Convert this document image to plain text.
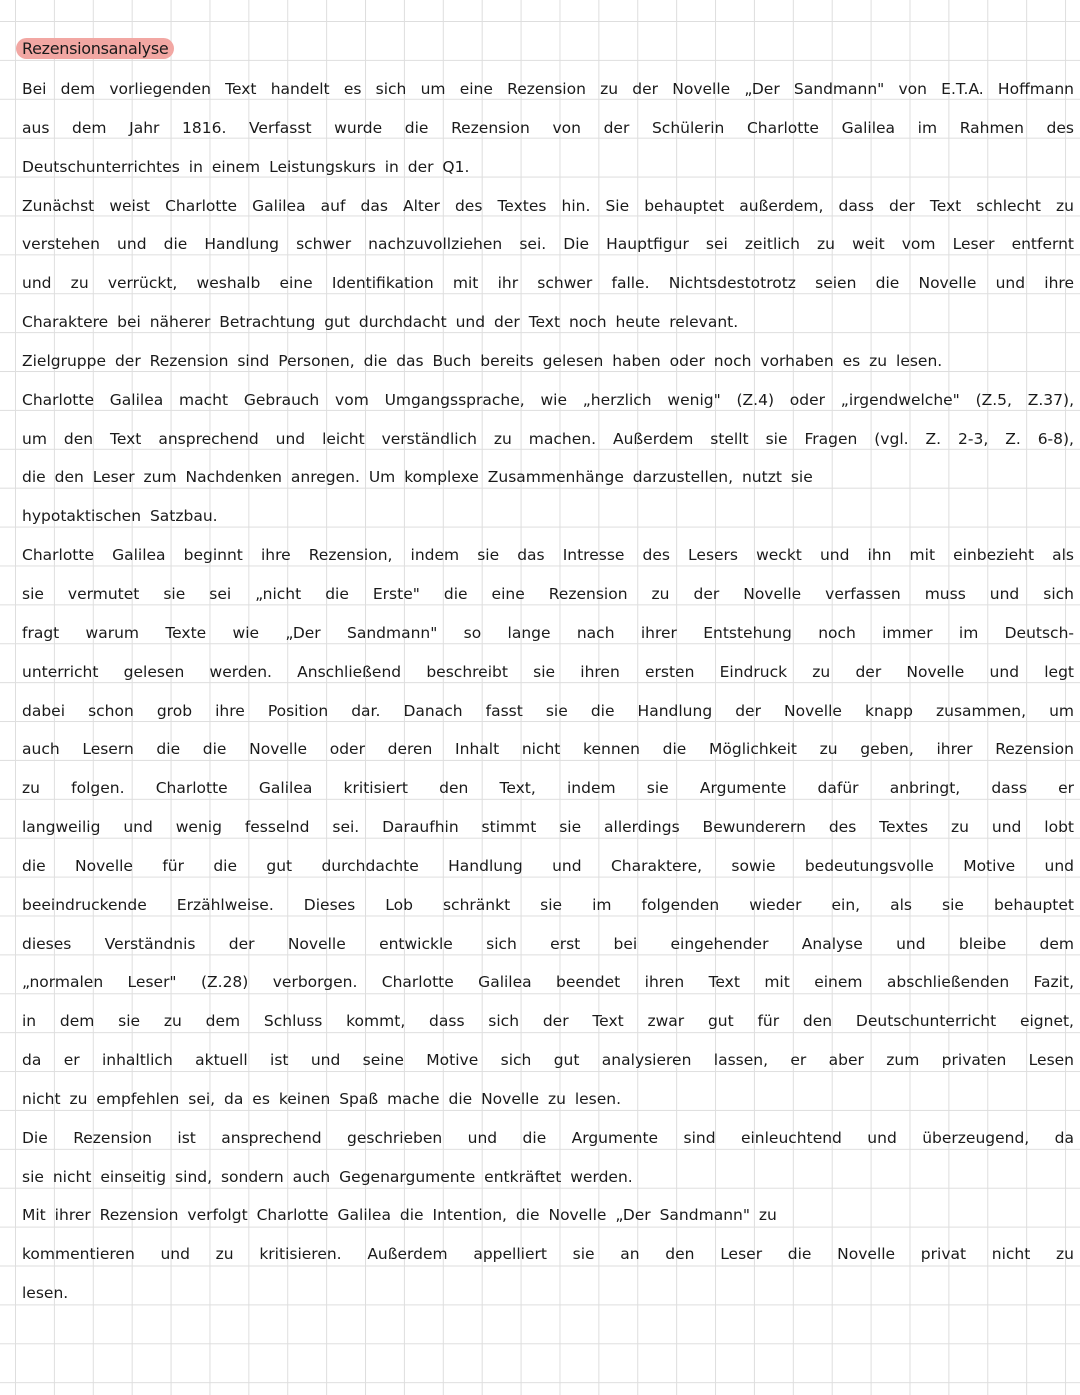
Rezensionsanalyse
Bei dem vorliegenden Text handelt es sich um eine Rezension zu der Novelle „Der Sandmann" von E.T.A. Hoffmann
aus dem Jahr 1816. Verfasst wurde die Rezension von der Schülerin Charlotte Galilea im Rahmen des
Deutschunterrichtes in einem Leistungskurs in der Q1.
Zunächst weist Charlotte Galilea auf das Alter des Textes hin. Sie behauptet außerdem, dass der Text schlecht zu
verstehen und die Handlung schwer nachzuvollziehen sei. Die Hauptfigur sei zeitlich zu weit vom Leser entfernt
und zu verrückt, weshalb eine Identifikation mit ihr schwer falle. Nichtsdestotrotz seien die Novelle und ihre
Charaktere bei näherer Betrachtung gut durchdacht und der Text noch heute relevant.
Zielgruppe der Rezension sind Personen, die das Buch bereits gelesen haben oder noch vorhaben es zu lesen.
Charlotte Galilea macht Gebrauch vom Umgangssprache, wie „herzlich wenig" (Z.4) oder „irgendwelche" (Z.5, Z.37),
um den Text ansprechend und leicht verständlich zu machen. Außerdem stellt sie Fragen (vgl. Z. 2-3, Z. 6-8),
die den Leser zum Nachdenken anregen. Um komplexe Zusammenhänge darzustellen, nutzt sie
hypotaktischen Satzbau.
Charlotte Galilea beginnt ihre Rezension, indem sie das Intresse des Lesers weckt und ihn mit einbezieht als
sie vermutet sie sei „nicht die Erste" die eine Rezension zu der Novelle verfassen muss und sich
fragt warum Texte wie „Der Sandmann" so lange nach ihrer Entstehung noch immer im Deutsch-
unterricht gelesen werden. Anschließend beschreibt sie ihren ersten Eindruck zu der Novelle und legt
dabei schon grob ihre Position dar. Danach fasst sie die Handlung der Novelle knapp zusammen, um
auch Lesern die die Novelle oder deren Inhalt nicht kennen die Möglichkeit zu geben, ihrer Rezension
zu folgen. Charlotte Galilea kritisiert den Text, indem sie Argumente dafür anbringt, dass er
langweilig und wenig fesselnd sei. Daraufhin stimmt sie allerdings Bewunderern des Textes zu und lobt
die Novelle für die gut durchdachte Handlung und Charaktere, sowie bedeutungsvolle Motive und
beeindruckende Erzählweise. Dieses Lob schränkt sie im folgenden wieder ein, als sie behauptet
dieses Verständnis der Novelle entwickle sich erst bei eingehender Analyse und bleibe dem
„normalen Leser" (Z.28) verborgen. Charlotte Galilea beendet ihren Text mit einem abschließenden Fazit,
in dem sie zu dem Schluss kommt, dass sich der Text zwar gut für den Deutschunterricht eignet,
da er inhaltlich aktuell ist und seine Motive sich gut analysieren lassen, er aber zum privaten Lesen
nicht zu empfehlen sei, da es keinen Spaß mache die Novelle zu lesen.
Die Rezension ist ansprechend geschrieben und die Argumente sind einleuchtend und überzeugend, da
sie nicht einseitig sind, sondern auch Gegenargumente entkräftet werden.
Mit ihrer Rezension verfolgt Charlotte Galilea die Intention, die Novelle „Der Sandmann" zu
kommentieren und zu kritisieren. Außerdem appelliert sie an den Leser die Novelle privat nicht zu
lesen.
